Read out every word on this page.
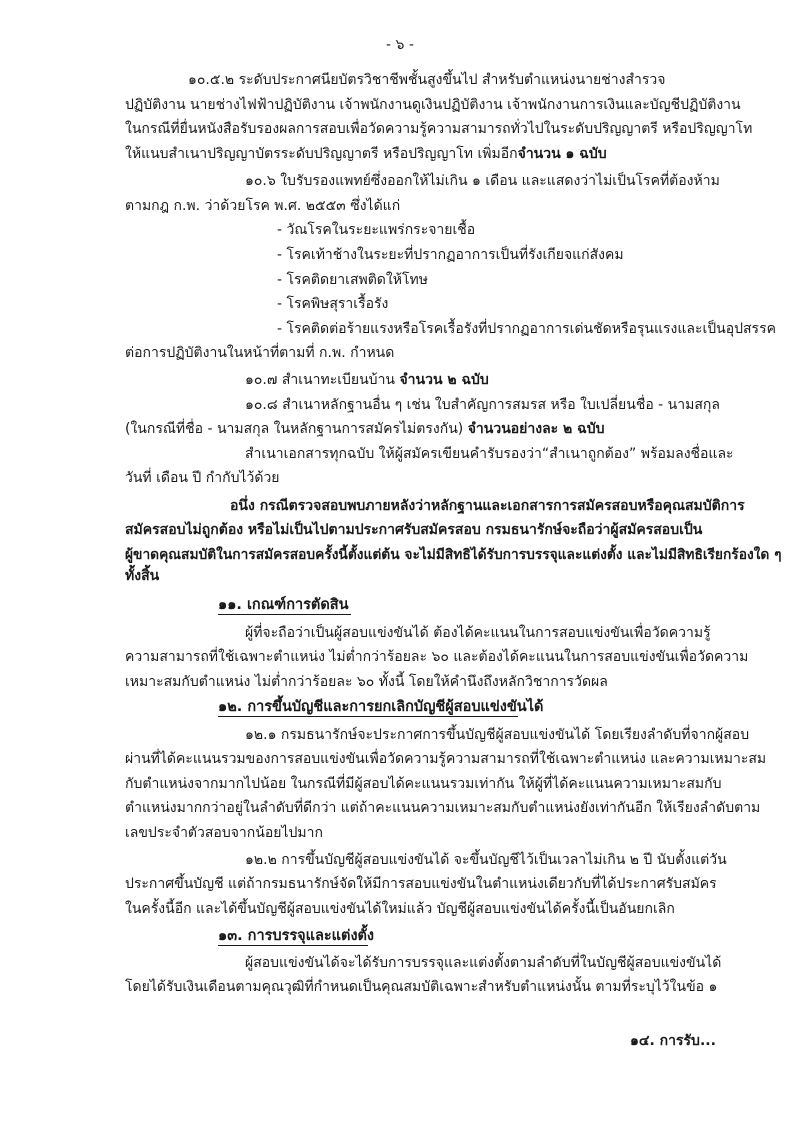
- ๖ -
๑๐.๕.๒ ระดับประกาศนียบัตรวิชาชีพชั้นสูงขึ้นไป สำหรับตำแหน่งนายช่างสำรวจ
ปฏิบัติงาน นายช่างไฟฟ้าปฏิบัติงาน เจ้าพนักงานดูเงินปฏิบัติงาน เจ้าพนักงานการเงินและบัญชีปฏิบัติงาน
ในกรณีที่ยื่นหนังสือรับรองผลการสอบเพื่อวัดความรู้ความสามารถทั่วไปในระดับปริญญาตรี หรือปริญญาโท
ให้แนบสำเนาปริญญาบัตรระดับปริญญาตรี หรือปริญญาโท เพิ่มอีกจำนวน ๑ ฉบับ
๑๐.๖ ใบรับรองแพทย์ซึ่งออกให้ไม่เกิน ๑ เดือน และแสดงว่าไม่เป็นโรคที่ต้องห้าม
ตามกฎ ก.พ. ว่าด้วยโรค พ.ศ. ๒๕๕๓ ซึ่งได้แก่
- วัณโรคในระยะแพร่กระจายเชื้อ
- โรคเท้าช้างในระยะที่ปรากฏอาการเป็นที่รังเกียจแก่สังคม
- โรคติดยาเสพติดให้โทษ
- โรคพิษสุราเรื้อรัง
- โรคติดต่อร้ายแรงหรือโรคเรื้อรังที่ปรากฏอาการเด่นชัดหรือรุนแรงและเป็นอุปสรรค
ต่อการปฏิบัติงานในหน้าที่ตามที่ ก.พ. กำหนด
๑๐.๗ สำเนาทะเบียนบ้าน จำนวน ๒ ฉบับ
๑๐.๘ สำเนาหลักฐานอื่น ๆ เช่น ใบสำคัญการสมรส หรือ ใบเปลี่ยนชื่อ - นามสกุล
(ในกรณีที่ชื่อ - นามสกุล ในหลักฐานการสมัครไม่ตรงกัน) จำนวนอย่างละ ๒ ฉบับ
สำเนาเอกสารทุกฉบับ ให้ผู้สมัครเขียนคำรับรองว่า“สำเนาถูกต้อง” พร้อมลงชื่อและ
วันที่ เดือน ปี กำกับไว้ด้วย
อนึ่ง กรณีตรวจสอบพบภายหลังว่าหลักฐานและเอกสารการสมัครสอบหรือคุณสมบัติการ
สมัครสอบไม่ถูกต้อง หรือไม่เป็นไปตามประกาศรับสมัครสอบ กรมธนารักษ์จะถือว่าผู้สมัครสอบเป็น
ผู้ขาดคุณสมบัติในการสมัครสอบครั้งนี้ตั้งแต่ต้น จะไม่มีสิทธิได้รับการบรรจุและแต่งตั้ง และไม่มีสิทธิเรียกร้องใด ๆ
ทั้งสิ้น
๑๑. เกณฑ์การตัดสิน
ผู้ที่จะถือว่าเป็นผู้สอบแข่งขันได้ ต้องได้คะแนนในการสอบแข่งขันเพื่อวัดความรู้
ความสามารถที่ใช้เฉพาะตำแหน่ง ไม่ต่ำกว่าร้อยละ ๖๐ และต้องได้คะแนนในการสอบแข่งขันเพื่อวัดความ
เหมาะสมกับตำแหน่ง ไม่ต่ำกว่าร้อยละ ๖๐ ทั้งนี้ โดยให้คำนึงถึงหลักวิชาการวัดผล
๑๒. การขึ้นบัญชีและการยกเลิกบัญชีผู้สอบแข่งขันได้
๑๒.๑ กรมธนารักษ์จะประกาศการขึ้นบัญชีผู้สอบแข่งขันได้ โดยเรียงลำดับที่จากผู้สอบ
ผ่านที่ได้คะแนนรวมของการสอบแข่งขันเพื่อวัดความรู้ความสามารถที่ใช้เฉพาะตำแหน่ง และความเหมาะสม
กับตำแหน่งจากมากไปน้อย ในกรณีที่มีผู้สอบได้คะแนนรวมเท่ากัน ให้ผู้ที่ได้คะแนนความเหมาะสมกับ
ตำแหน่งมากกว่าอยู่ในลำดับที่ดีกว่า แต่ถ้าคะแนนความเหมาะสมกับตำแหน่งยังเท่ากันอีก ให้เรียงลำดับตาม
เลขประจำตัวสอบจากน้อยไปมาก
๑๒.๒ การขึ้นบัญชีผู้สอบแข่งขันได้ จะขึ้นบัญชีไว้เป็นเวลาไม่เกิน ๒ ปี นับตั้งแต่วัน
ประกาศขึ้นบัญชี แต่ถ้ากรมธนารักษ์จัดให้มีการสอบแข่งขันในตำแหน่งเดียวกับที่ได้ประกาศรับสมัคร
ในครั้งนี้อีก และได้ขึ้นบัญชีผู้สอบแข่งขันได้ใหม่แล้ว บัญชีผู้สอบแข่งขันได้ครั้งนี้เป็นอันยกเลิก
๑๓. การบรรจุและแต่งตั้ง
ผู้สอบแข่งขันได้จะได้รับการบรรจุและแต่งตั้งตามลำดับที่ในบัญชีผู้สอบแข่งขันได้
โดยได้รับเงินเดือนตามคุณวุฒิที่กำหนดเป็นคุณสมบัติเฉพาะสำหรับตำแหน่งนั้น ตามที่ระบุไว้ในข้อ ๑
๑๔. การรับ...
